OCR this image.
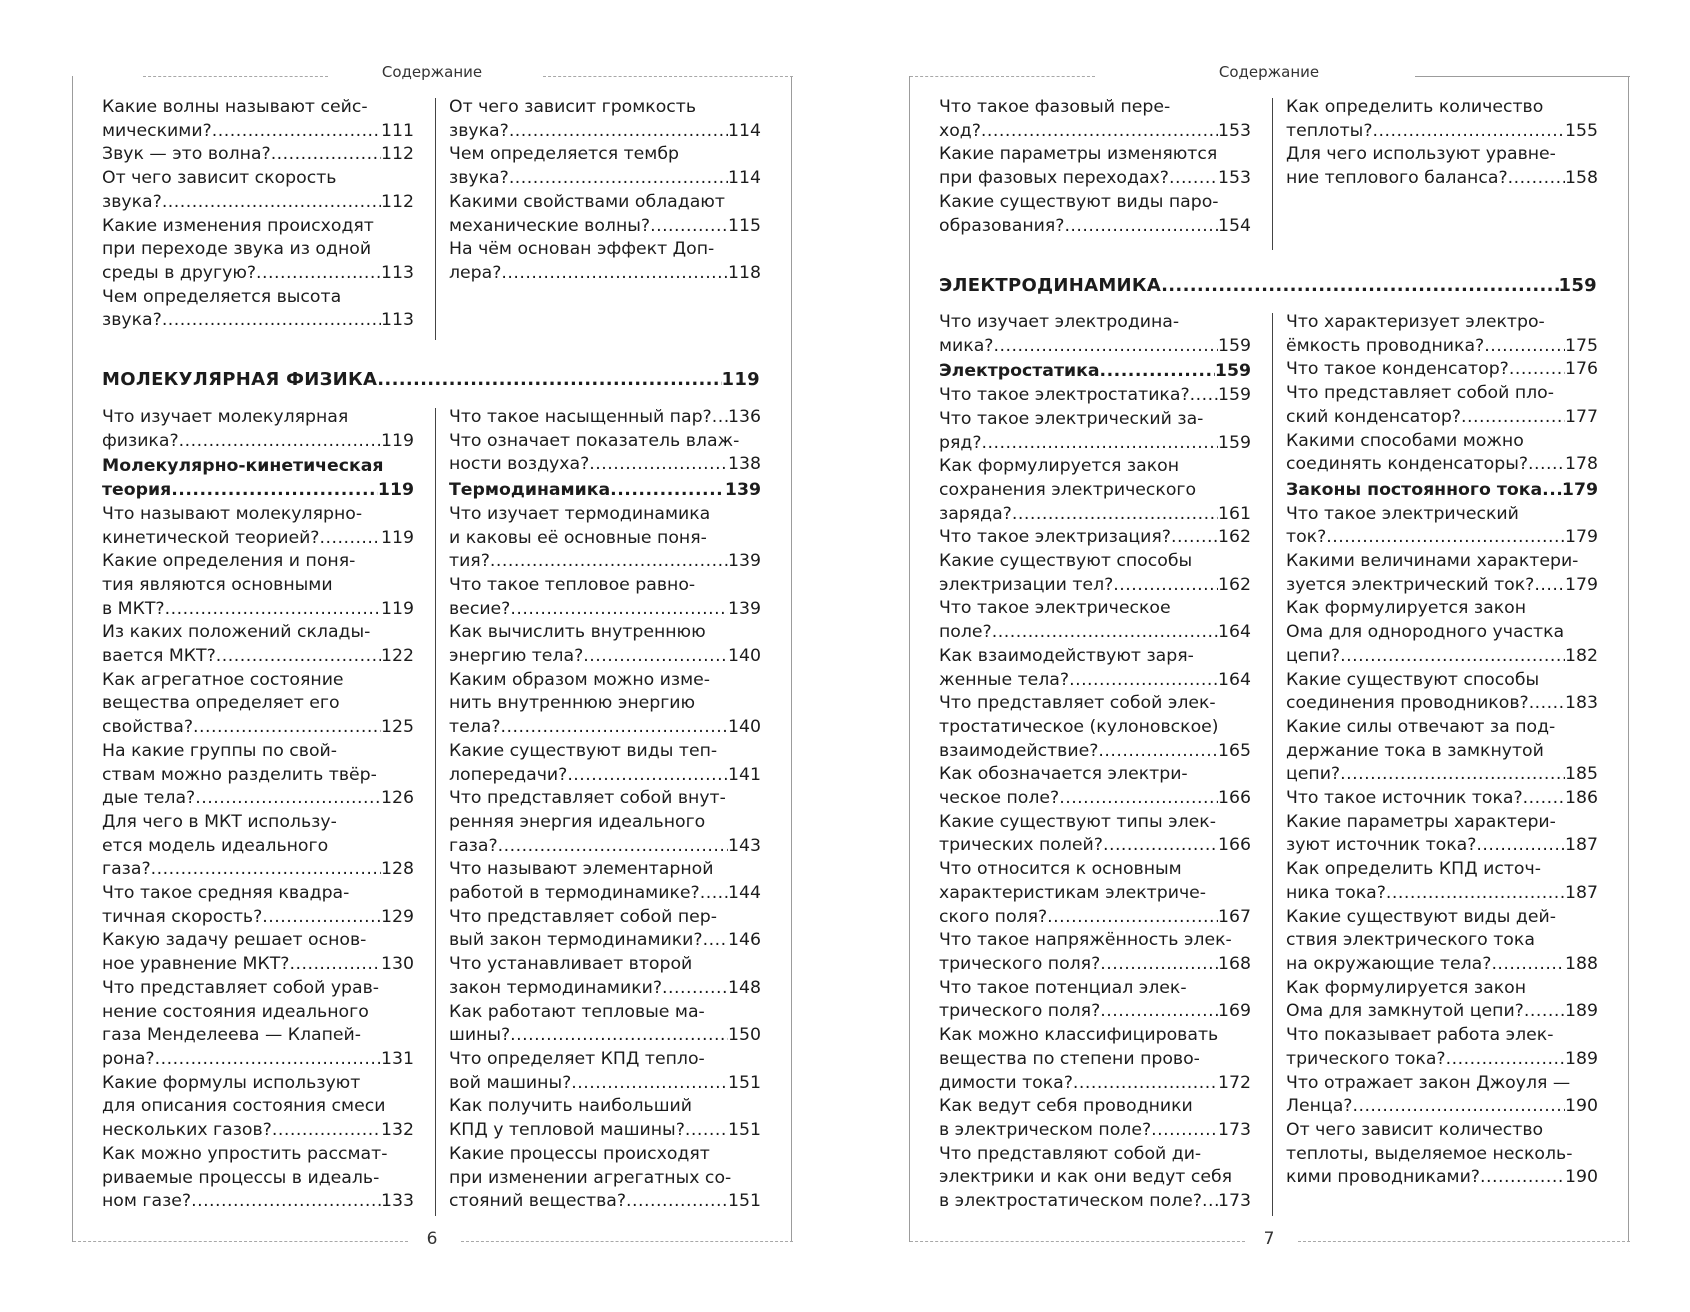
Содержание
Какие волны называют сейс-
мическими? .....	111
Звук — это волна? .....	112
От чего зависит скорость
звука? .....	112
Какие изменения происходят
при переходе звука из одной
среды в другую? .....	113
Чем определяется высота
звука? .....	113
От чего зависит громкость
звука? .....	114
Чем определяется тембр
звука? .....	114
Какими свойствами обладают
механические волны? .....	115
На чём основан эффект Доп-
лера? .....	118
МОЛЕКУЛЯРНАЯ ФИЗИКА .....	119
Что изучает молекулярная
физика? .....	119
Молекулярно-кинетическая
теория .....	119
Что называют молекулярно-
кинетической теорией? .....	119
Какие определения и поня-
тия являются основными
в МКТ? .....	119
Из каких положений склады-
вается МКТ? .....	122
Как агрегатное состояние
вещества определяет его
свойства? .....	125
На какие группы по свой-
ствам можно разделить твёр-
дые тела? .....	126
Для чего в МКТ использу-
ется модель идеального
газа? .....	128
Что такое средняя квадра-
тичная скорость? .....	129
Какую задачу решает основ-
ное уравнение МКТ? .....	130
Что представляет собой урав-
нение состояния идеального
газа Менделеева — Клапей-
рона? .....	131
Какие формулы используют
для описания состояния смеси
нескольких газов? .....	132
Как можно упростить рассмат-
риваемые процессы в идеаль-
ном газе? .....	133
Что такое насыщенный пар? ..... 136
Что означает показатель влаж-
ности воздуха? .....	138
Термодинамика .....	139
Что изучает термодинамика
и каковы её основные поня-
тия? .....	139
Что такое тепловое равно-
весие? .....	139
Как вычислить внутреннюю
энергию тела? .....	140
Каким образом можно изме-
нить внутреннюю энергию
тела? .....	140
Какие существуют виды теп-
лопередачи? .....	141
Что представляет собой внут-
ренняя энергия идеального
газа? .....	143
Что называют элементарной
работой в термодинамике? ..... 144
Что представляет собой пер-
вый закон термодинамики? ..... 146
Что устанавливает второй
закон термодинамики? .....	148
Как работают тепловые ма-
шины? .....	150
Что определяет КПД тепло-
вой машины? .....	151
Как получить наибольший
КПД у тепловой машины? ..... 151
Какие процессы происходят
при изменении агрегатных со-
стояний вещества? .....	151
6
Содержание
Что такое фазовый пере-
ход? .....	153
Какие параметры изменяются
при фазовых переходах? .....	153
Какие существуют виды паро-
образования? .....	154
Как определить количество
теплоты? .....	155
Для чего используют уравне-
ние теплового баланса? .....	158
ЭЛЕКТРОДИНАМИКА .....	159
Что изучает электродина-
мика? .....	159
Электростатика .....	159
Что такое электростатика? ..... 159
Что такое электрический за-
ряд? .....	159
Как формулируется закон
сохранения электрического
заряда? .....	161
Что такое электризация? .....	162
Какие существуют способы
электризации тел? .....	162
Что такое электрическое
поле? .....	164
Как взаимодействуют заря-
женные тела? .....	164
Что представляет собой элек-
тростатическое (кулоновское)
взаимодействие? .....	165
Как обозначается электри-
ческое поле? .....	166
Какие существуют типы элек-
трических полей? .....	166
Что относится к основным
характеристикам электриче-
ского поля? .....	167
Что такое напряжённость элек-
трического поля? .....	168
Что такое потенциал элек-
трического поля? .....	169
Как можно классифицировать
вещества по степени прово-
димости тока? .....	172
Как ведут себя проводники
в электрическом поле? .....	173
Что представляют собой ди-
электрики и как они ведут себя
в электростатическом поле? ..... 173
Что характеризует электро-
ёмкость проводника? .....	175
Что такое конденсатор? .....	176
Что представляет собой пло-
ский конденсатор? .....	177
Какими способами можно
соединять конденсаторы? ..... 178
Законы постоянного тока ..... 179
Что такое электрический
ток? .....	179
Какими величинами характери-
зуется электрический ток? ..... 179
Как формулируется закон
Ома для однородного участка
цепи? .....	182
Какие существуют способы
соединения проводников? ..... 183
Какие силы отвечают за под-
держание тока в замкнутой
цепи? .....	185
Что такое источник тока? ..... 186
Какие параметры характери-
зуют источник тока? .....	187
Как определить КПД источ-
ника тока? .....	187
Какие существуют виды дей-
ствия электрического тока
на окружающие тела? .....	188
Как формулируется закон
Ома для замкнутой цепи? ..... 189
Что показывает работа элек-
трического тока? .....	189
Что отражает закон Джоуля —
Ленца? .....	190
От чего зависит количество
теплоты, выделяемое несколь-
кими проводниками? .....	190
7
